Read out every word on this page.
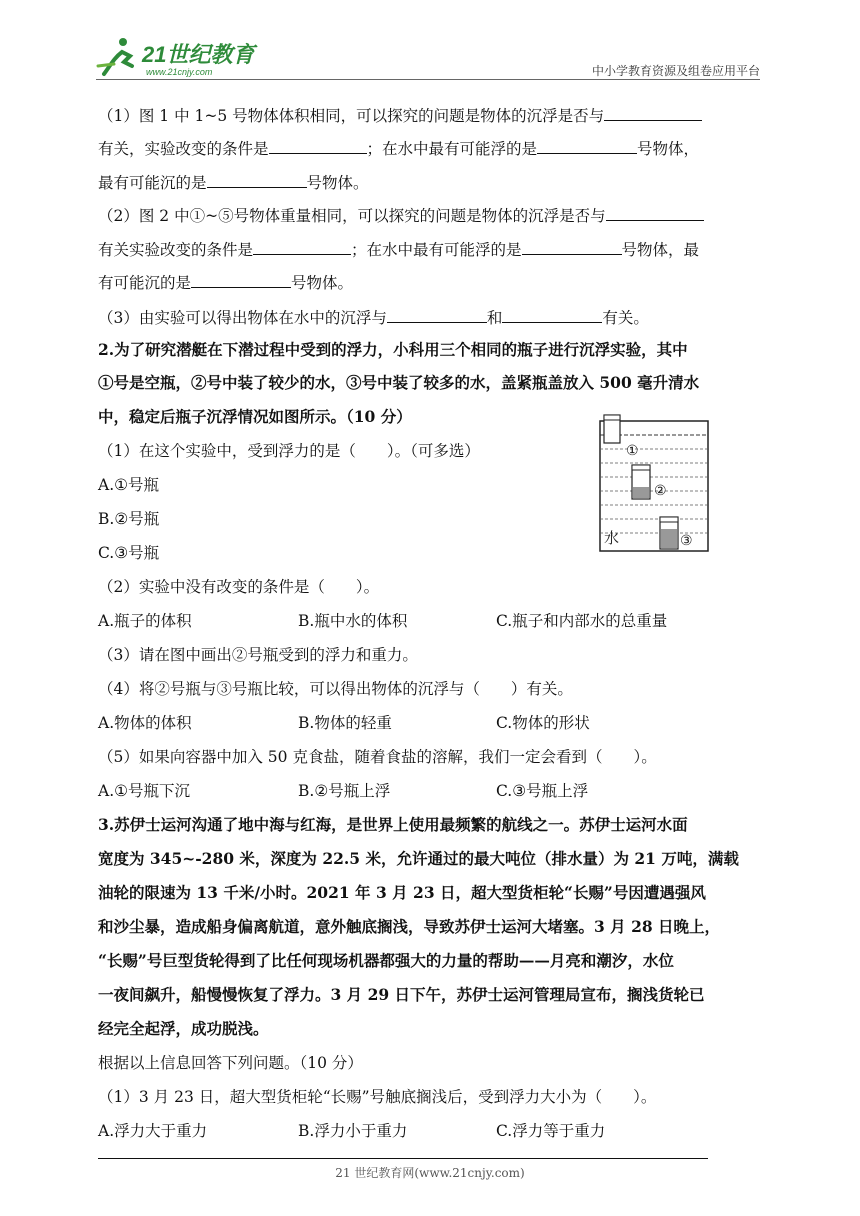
21世纪教育
www.21cnjy.com	中小学教育资源及组卷应用平台
（1）图 1 中 1~5 号物体体积相同，可以探究的问题是物体的沉浮是否与
有关，实验改变的条件是	；在水中最有可能浮的是	号物体，
最有可能沉的是	号物体。
（2）图 2 中①~⑤号物体重量相同，可以探究的问题是物体的沉浮是否与
有关实验改变的条件是	；在水中最有可能浮的是	号物体，最
有可能沉的是	号物体。
（3）由实验可以得出物体在水中的沉浮与	和	有关。
2.为了研究潜艇在下潜过程中受到的浮力，小科用三个相同的瓶子进行沉浮实验，其中
①号是空瓶，②号中装了较少的水，③号中装了较多的水，盖紧瓶盖放入 500 毫升清水
中，稳定后瓶子沉浮情况如图所示。（10 分）
（1）在这个实验中，受到浮力的是（　　）。（可多选）
A.①号瓶
B.②号瓶
C.③号瓶
（2）实验中没有改变的条件是（　　）。
A.瓶子的体积	B.瓶中水的体积	C.瓶子和内部水的总重量
（3）请在图中画出②号瓶受到的浮力和重力。
（4）将②号瓶与③号瓶比较，可以得出物体的沉浮与（　　）有关。
A.物体的体积	B.物体的轻重	C.物体的形状
（5）如果向容器中加入 50 克食盐，随着食盐的溶解，我们一定会看到（　　）。
A.①号瓶下沉	B.②号瓶上浮	C.③号瓶上浮
3.苏伊士运河沟通了地中海与红海，是世界上使用最频繁的航线之一。苏伊士运河水面
宽度为 345~-280 米，深度为 22.5 米，允许通过的最大吨位（排水量）为 21 万吨，满载
油轮的限速为 13 千米/小时。2021 年 3 月 23 日，超大型货柜轮“长赐”号因遭遇强风
和沙尘暴，造成船身偏离航道，意外触底搁浅，导致苏伊士运河大堵塞。3 月 28 日晚上，
“长赐”号巨型货轮得到了比任何现场机器都强大的力量的帮助——月亮和潮汐，水位
一夜间飙升，船慢慢恢复了浮力。3 月 29 日下午，苏伊士运河管理局宣布，搁浅货轮已
经完全起浮，成功脱浅。
根据以上信息回答下列问题。（10 分）
（1）3 月 23 日，超大型货柜轮“长赐”号触底搁浅后，受到浮力大小为（　　）。
A.浮力大于重力	B.浮力小于重力	C.浮力等于重力
①
②
③
水
21 世纪教育网(www.21cnjy.com)
